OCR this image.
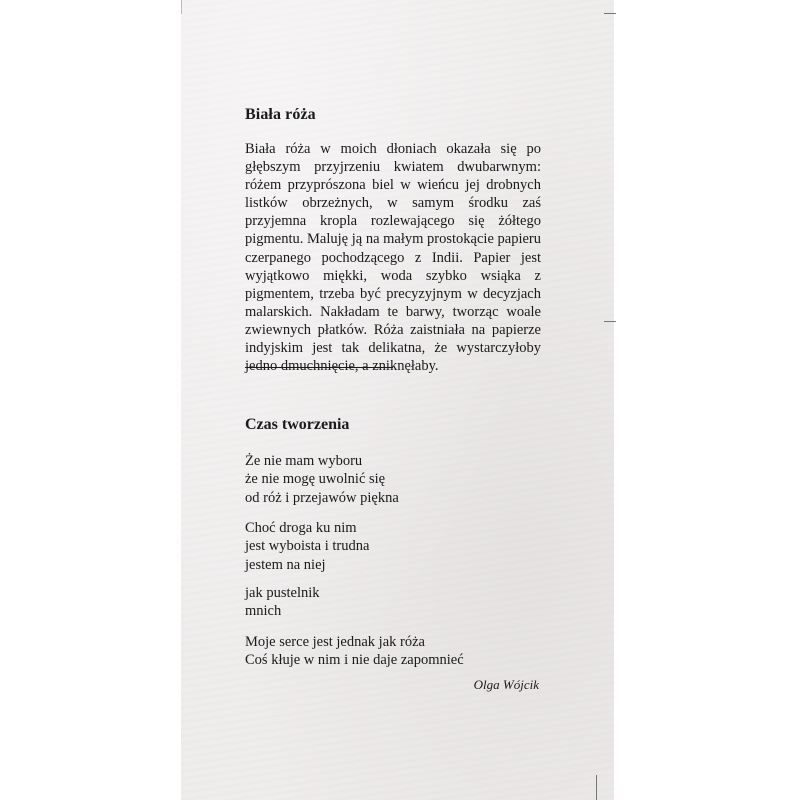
Biała róża
Biała róża w moich dłoniach okazała się po głębszym przyjrzeniu kwiatem dwubarwnym: różem przyprószona biel w wieńcu jej drobnych listków obrzeżnych, w samym środku zaś przyjemna kropla rozlewającego się żółtego pigmentu. Maluję ją na małym prostokącie papieru czerpanego pochodzącego z Indii. Papier jest wyjątkowo miękki, woda szybko wsiąka z pigmentem, trzeba być precyzyjnym w decyzjach malarskich. Nakładam te barwy, tworząc woale zwiewnych płatków. Róża zaistniała na papierze indyjskim jest tak delikatna, że wystarczyłoby jedno dmuchnięcie, a zniknęłaby.
Czas tworzenia
Że nie mam wyboru
że nie mogę uwolnić się
od róż i przejawów piękna
Choć droga ku nim
jest wyboista i trudna
jestem na niej
jak pustelnik
mnich
Moje serce jest jednak jak róża
Coś kłuje w nim i nie daje zapomnieć
Olga Wójcik
